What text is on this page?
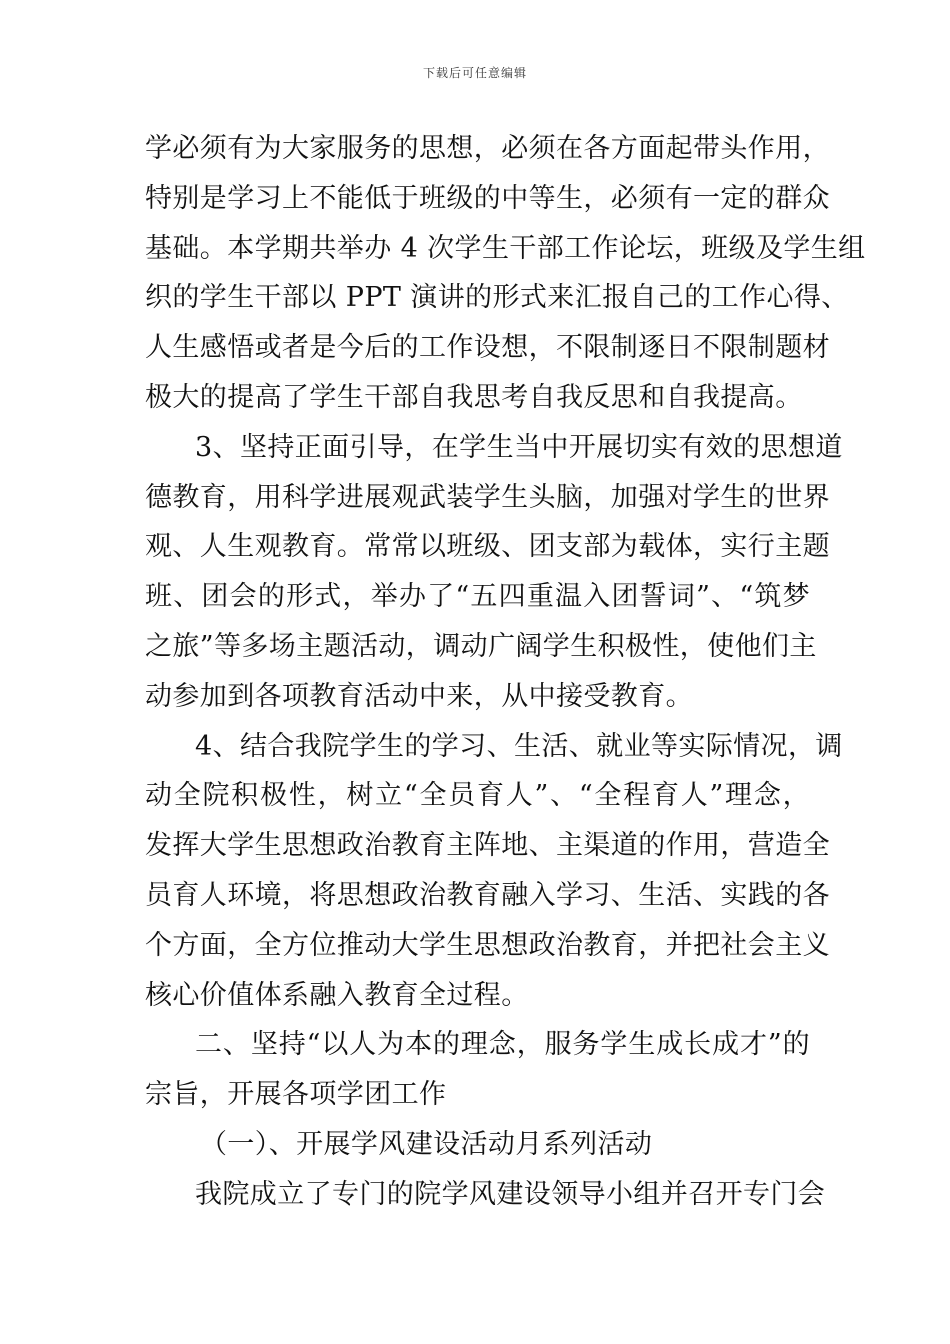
下载后可任意编辑
学必须有为大家服务的思想，必须在各方面起带头作用，
特别是学习上不能低于班级的中等生，必须有一定的群众
基础。本学期共举办 4 次学生干部工作论坛，班级及学生组
织的学生干部以 PPT 演讲的形式来汇报自己的工作心得、
人生感悟或者是今后的工作设想，不限制逐日不限制题材
极大的提高了学生干部自我思考自我反思和自我提高。
3、坚持正面引导，在学生当中开展切实有效的思想道
德教育，用科学进展观武装学生头脑，加强对学生的世界
观、人生观教育。常常以班级、团支部为载体，实行主题
班、团会的形式，举办了“五四重温入团誓词”、“筑梦
之旅”等多场主题活动，调动广阔学生积极性，使他们主
动参加到各项教育活动中来，从中接受教育。
4、结合我院学生的学习、生活、就业等实际情况，调
动全院积极性，树立“全员育人”、“全程育人”理念，
发挥大学生思想政治教育主阵地、主渠道的作用，营造全
员育人环境，将思想政治教育融入学习、生活、实践的各
个方面，全方位推动大学生思想政治教育，并把社会主义
核心价值体系融入教育全过程。
二、坚持“以人为本的理念，服务学生成长成才”的
宗旨，开展各项学团工作
（一）、开展学风建设活动月系列活动
我院成立了专门的院学风建设领导小组并召开专门会
